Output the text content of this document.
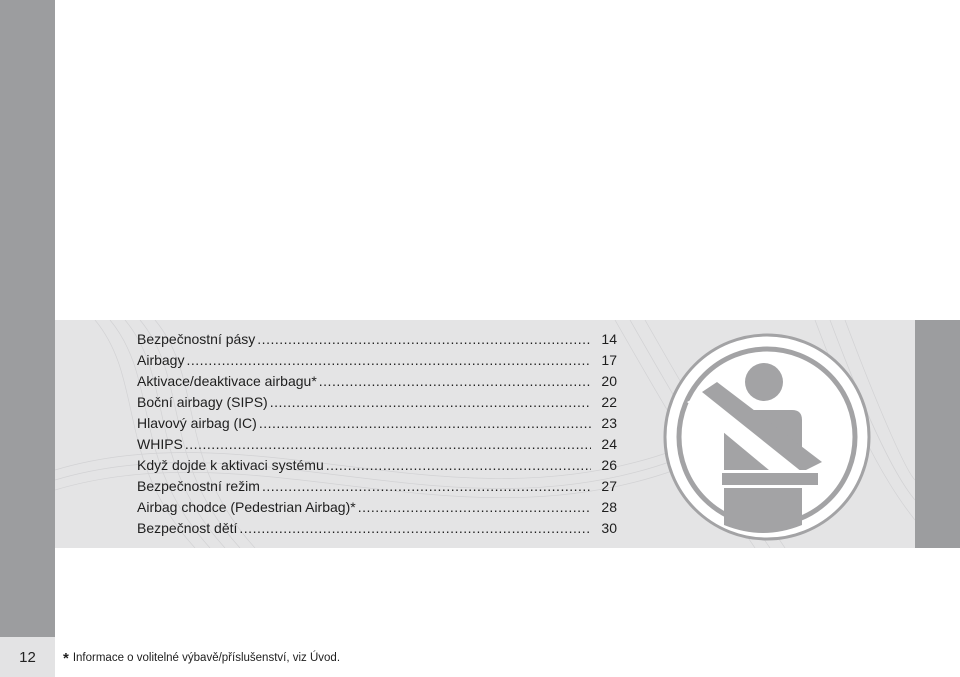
12
Bezpečnostní pásy .....	14
Airbagy .....	17
Aktivace/deaktivace airbagu* .....	20
Boční airbagy (SIPS) .....	22
Hlavový airbag (IC) .....	23
WHIPS .....	24
Když dojde k aktivaci systému .....	26
Bezpečnostní režim .....	27
Airbag chodce (Pedestrian Airbag)* .....	28
Bezpečnost dětí .....	30
* Informace o volitelné výbavě/příslušenství, viz Úvod.
